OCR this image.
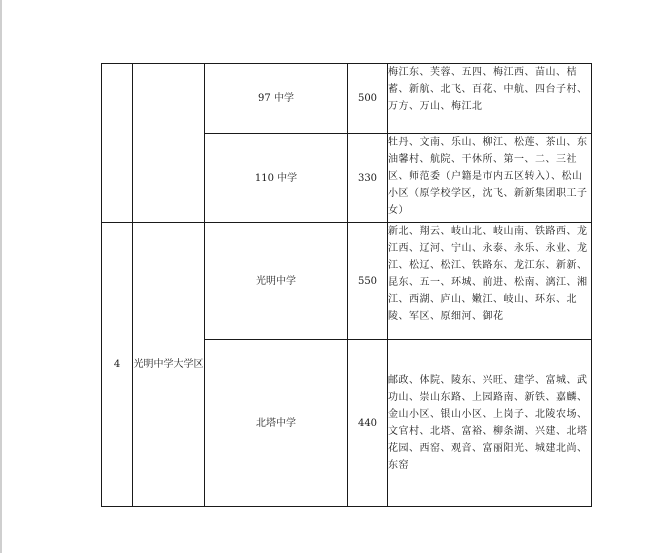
		97 中学	500	梅江东、芙蓉、五四、梅江西、苗山、桔蓄、新航、北飞、百花、中航、四台子村、万方、万山、梅江北
		110 中学	330	牡丹、文南、乐山、柳江、松莲、茶山、东油馨村、航院、干休所、第一、二、三社区、师范委（户籍是市内五区转入）、松山小区（原学校学区，沈飞、新新集团职工子女）
4	光明中学大学区	光明中学	550	新北、翔云、岐山北、岐山南、铁路西、龙江西、辽河、宁山、永泰、永乐、永业、龙江、松辽、松江、铁路东、龙江东、新新、昆东、五一、环城、前进、松南、漓江、湘江、西湖、庐山、嫩江、岐山、环东、北陵、军区、原细河、御花
		北塔中学	440	邮政、体院、陵东、兴旺、建学、富城、武功山、崇山东路、上园路南、新铁、嘉麟、金山小区、银山小区、上岗子、北陵农场、文官村、北塔、富裕、柳条湖、兴建、北塔花园、西窑、观音、富丽阳光、城建北尚、东窑
